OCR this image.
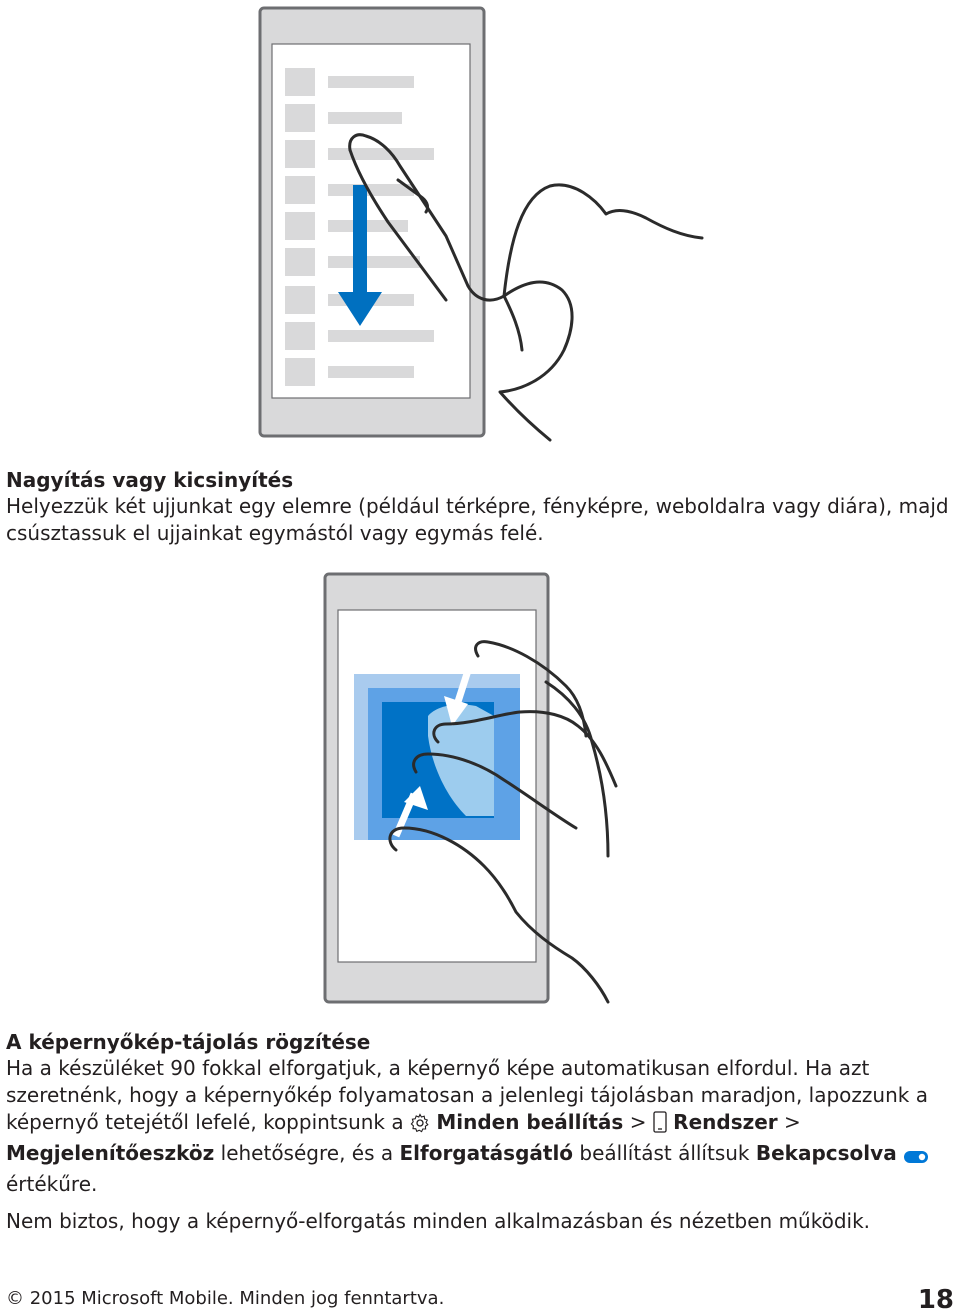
Nagyítás vagy kicsinyítés

Helyezzük két ujjunkat egy elemre (például térképre, fényképre, weboldalra vagy diára), majd csúsztassuk el ujjainkat egymástól vagy egymás felé.

A képernyőkép-tájolás rögzítése

Ha a készüléket 90 fokkal elforgatjuk, a képernyő képe automatikusan elfordul. Ha azt szeretnénk, hogy a képernyőkép folyamatosan a jelenlegi tájolásban maradjon, lapozzunk a képernyő tetejétől lefelé, koppintsunk a Minden beállítás > Rendszer > Megjelenítőeszköz lehetőségre, és a Elforgatásgátló beállítást állítsuk Bekapcsolva  értékűre.

Nem biztos, hogy a képernyő-elforgatás minden alkalmazásban és nézetben működik.

© 2015 Microsoft Mobile. Minden jog fenntartva.	18
